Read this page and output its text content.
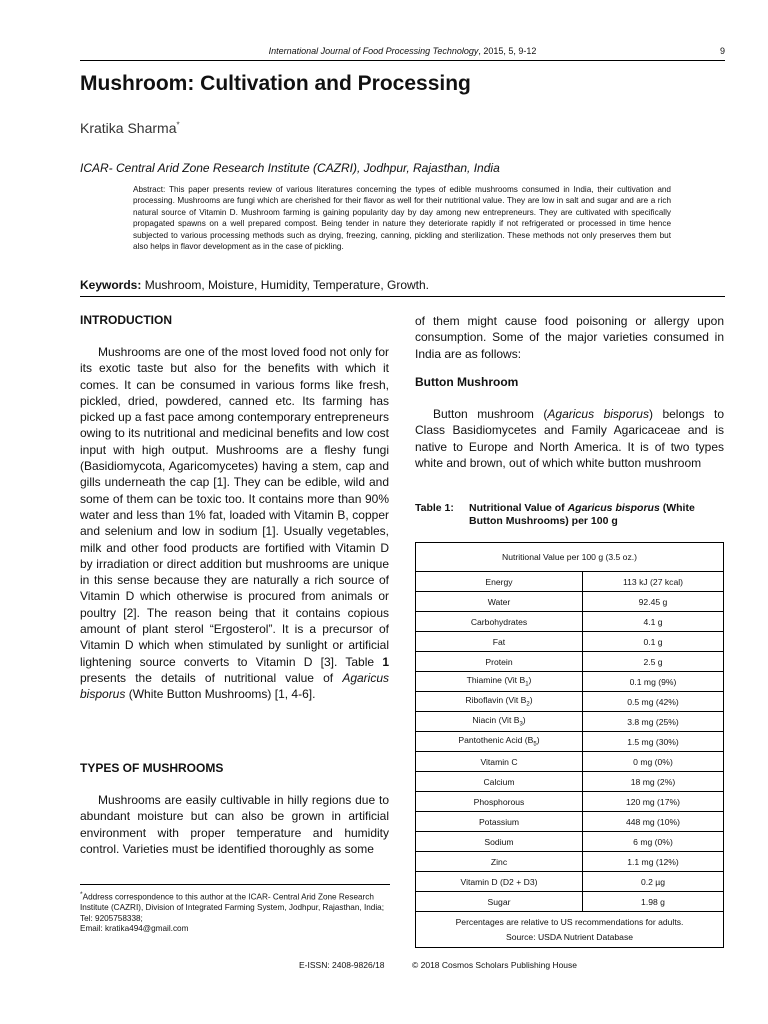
International Journal of Food Processing Technology, 2015, 5, 9-12	9
Mushroom: Cultivation and Processing
Kratika Sharma*
ICAR- Central Arid Zone Research Institute (CAZRI), Jodhpur, Rajasthan, India
Abstract: This paper presents review of various literatures concerning the types of edible mushrooms consumed in India, their cultivation and processing. Mushrooms are fungi which are cherished for their flavor as well for their nutritional value. They are low in salt and sugar and are a rich natural source of Vitamin D. Mushroom farming is gaining popularity day by day among new entrepreneurs. They are cultivated with specifically propagated spawns on a well prepared compost. Being tender in nature they deteriorate rapidly if not refrigerated or processed in time hence subjected to various processing methods such as drying, freezing, canning, pickling and sterilization. These methods not only preserves them but also helps in flavor development as in the case of pickling.
Keywords: Mushroom, Moisture, Humidity, Temperature, Growth.
INTRODUCTION

Mushrooms are one of the most loved food not only for its exotic taste but also for the benefits with which it comes. It can be consumed in various forms like fresh, pickled, dried, powdered, canned etc. Its farming has picked up a fast pace among contemporary entrepreneurs owing to its nutritional and medicinal benefits and low cost input with high output. Mushrooms are a fleshy fungi (Basidiomycota, Agaricomycetes) having a stem, cap and gills underneath the cap [1]. They can be edible, wild and some of them can be toxic too. It contains more than 90% water and less than 1% fat, loaded with Vitamin B, copper and selenium and low in sodium [1]. Usually vegetables, milk and other food products are fortified with Vitamin D by irradiation or direct addition but mushrooms are unique in this sense because they are naturally a rich source of Vitamin D which otherwise is procured from animals or poultry [2]. The reason being that it contains copious amount of plant sterol “Ergosterol”. It is a precursor of Vitamin D which when stimulated by sunlight or artificial lightening source converts to Vitamin D [3]. Table 1 presents the details of nutritional value of Agaricus bisporus (White Button Mushrooms) [1, 4-6].

TYPES OF MUSHROOMS

Mushrooms are easily cultivable in hilly regions due to abundant moisture but can also be grown in artificial environment with proper temperature and humidity control. Varieties must be identified thoroughly as some

*Address correspondence to this author at the ICAR- Central Arid Zone Research Institute (CAZRI), Division of Integrated Farming System, Jodhpur, Rajasthan, India;
Tel: 9205758338;
Email: kratika494@gmail.com

of them might cause food poisoning or allergy upon consumption. Some of the major varieties consumed in India are as follows:

Button Mushroom

Button mushroom (Agaricus bisporus) belongs to Class Basidiomycetes and Family Agaricaceae and is native to Europe and North America. It is of two types white and brown, out of which white button mushroom

Table 1: Nutritional Value of Agaricus bisporus (White Button Mushrooms) per 100 g
Nutritional Value per 100 g (3.5 oz.)	
Energy	113 kJ (27 kcal)
Water	92.45 g
Carbohydrates	4.1 g
Fat	0.1 g
Protein	2.5 g
Thiamine (Vit $B_1$)	0.1 mg (9%)
Riboflavin (Vit $B_2$)	0.5 mg (42%)
Niacin (Vit $B_3$)	3.8 mg (25%)
Pantothenic Acid $(B_5)$	1.5 mg (30%)
Vitamin C	0 mg (0%)
Calcium	18 mg (2%)
Phosphorous	120 mg (17%)
Potassium	448 mg (10%)
Sodium	6 mg (0%)
Zinc	1.1 mg (12%)
Vitamin D (D2 + D3)	0.2 µg
Sugar	1.98 g

Percentages are relative to US recommendations for adults.
Source: USDA Nutrient Database	
E-ISSN: 2408-9826/18	© 2018 Cosmos Scholars Publishing House
